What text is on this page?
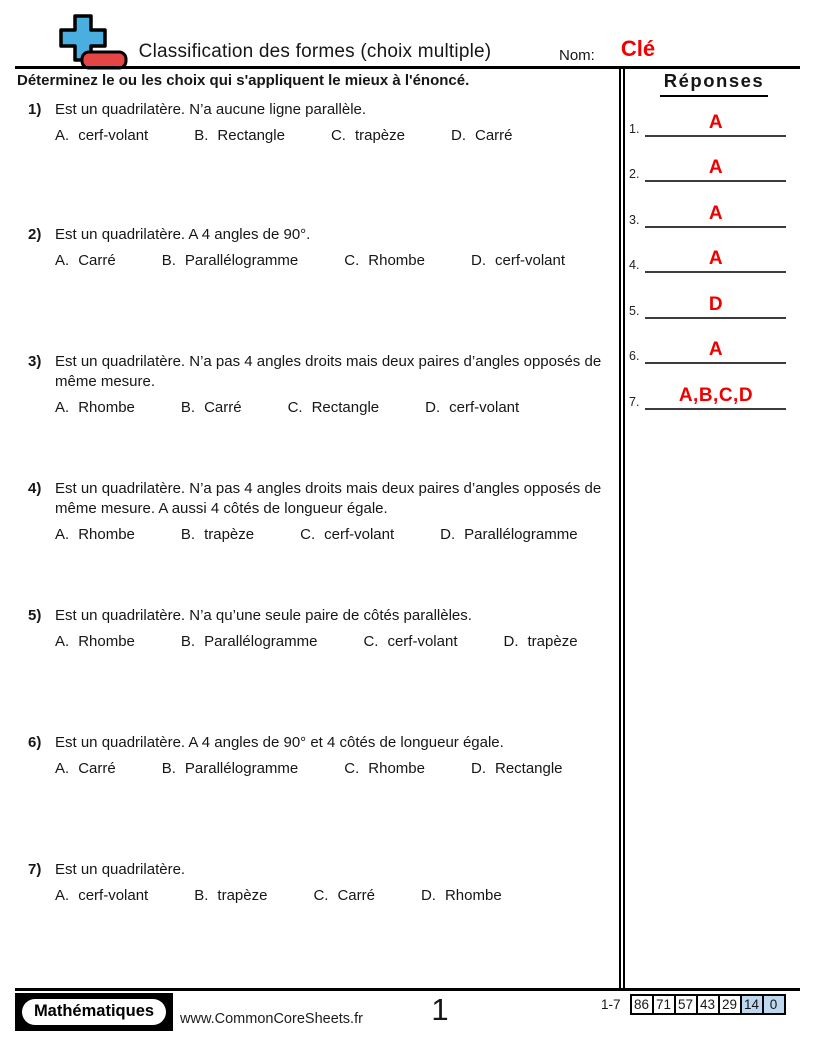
Classification des formes (choix multiple)	Nom:	Clé
Déterminez le ou les choix qui s'appliquent le mieux à l'énoncé.	Réponses
1.	A
2.	A
3.	A
4.	A
5.	D
6.	A
7.	A,B,C,D
1) Est un quadrilatère. N’a aucune ligne parallèle.
A. cerf-volant	B. Rectangle	C. trapèze	D. Carré
2) Est un quadrilatère. A 4 angles de 90°.
A. Carré	B. Parallélogramme	C. Rhombe	D. cerf-volant
3) Est un quadrilatère. N’a pas 4 angles droits mais deux paires d’angles opposés de même mesure.
A. Rhombe	B. Carré	C. Rectangle	D. cerf-volant
4) Est un quadrilatère. N’a pas 4 angles droits mais deux paires d’angles opposés de même mesure. A aussi 4 côtés de longueur égale.
A. Rhombe	B. trapèze	C. cerf-volant	D. Parallélogramme
5) Est un quadrilatère. N’a qu’une seule paire de côtés parallèles.
A. Rhombe	B. Parallélogramme	C. cerf-volant	D. trapèze
6) Est un quadrilatère. A 4 angles de 90° et 4 côtés de longueur égale.
A. Carré	B. Parallélogramme	C. Rhombe	D. Rectangle
7) Est un quadrilatère.
A. cerf-volant	B. trapèze	C. Carré	D. Rhombe
Mathématiques	www.CommonCoreSheets.fr	1	1-7 86 71 57 43 29 14 0
